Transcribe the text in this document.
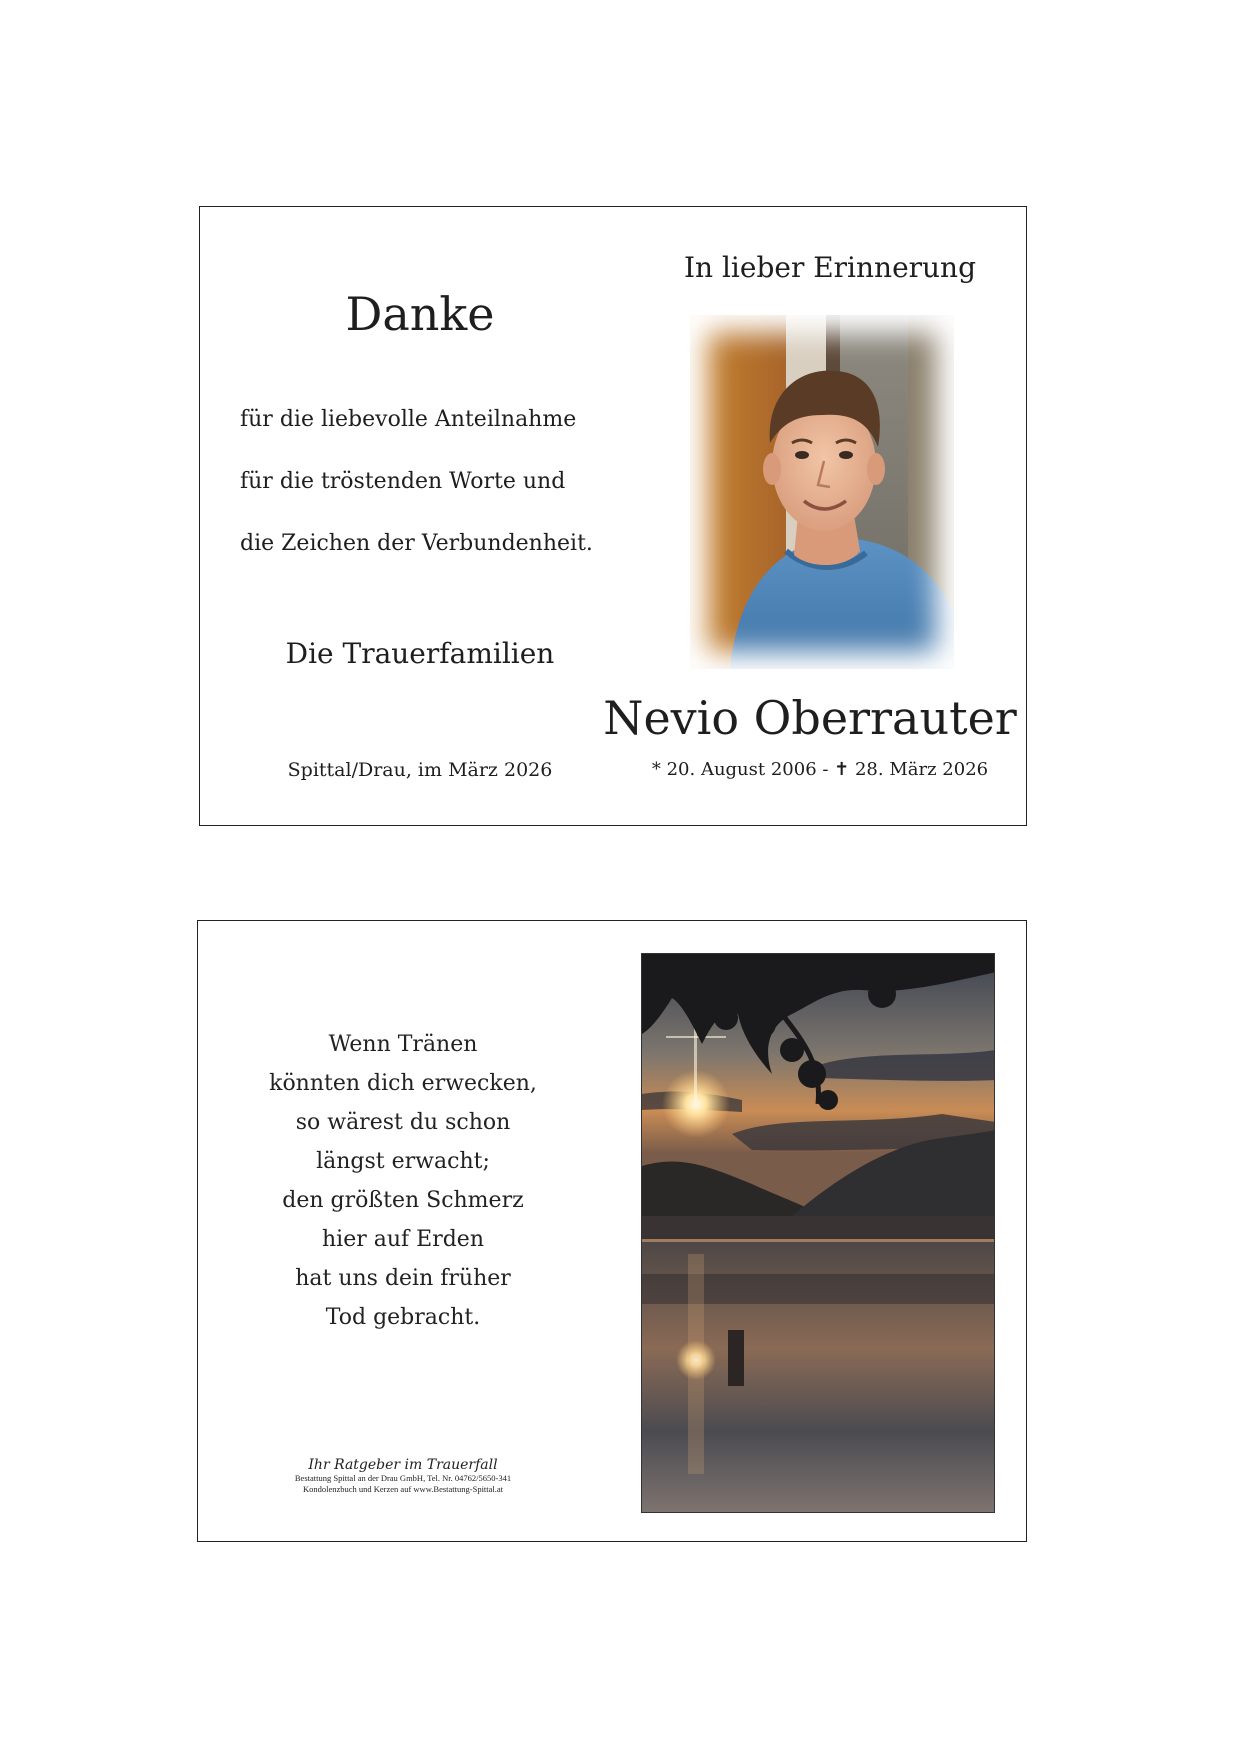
Danke
für die liebevolle Anteilnahme
für die tröstenden Worte und
die Zeichen der Verbundenheit.
Die Trauerfamilien
Spittal/Drau, im März 2026
In lieber Erinnerung
Nevio Oberrauter
* 20. August 2006 - ✝ 28. März 2026
Wenn Tränen
könnten dich erwecken,
so wärest du schon
längst erwacht;
den größten Schmerz
hier auf Erden
hat uns dein früher
Tod gebracht.
Ihr Ratgeber im Trauerfall
Bestattung Spittal an der Drau GmbH, Tel. Nr. 04762/5650-341
Kondolenzbuch und Kerzen auf www.Bestattung-Spittal.at
